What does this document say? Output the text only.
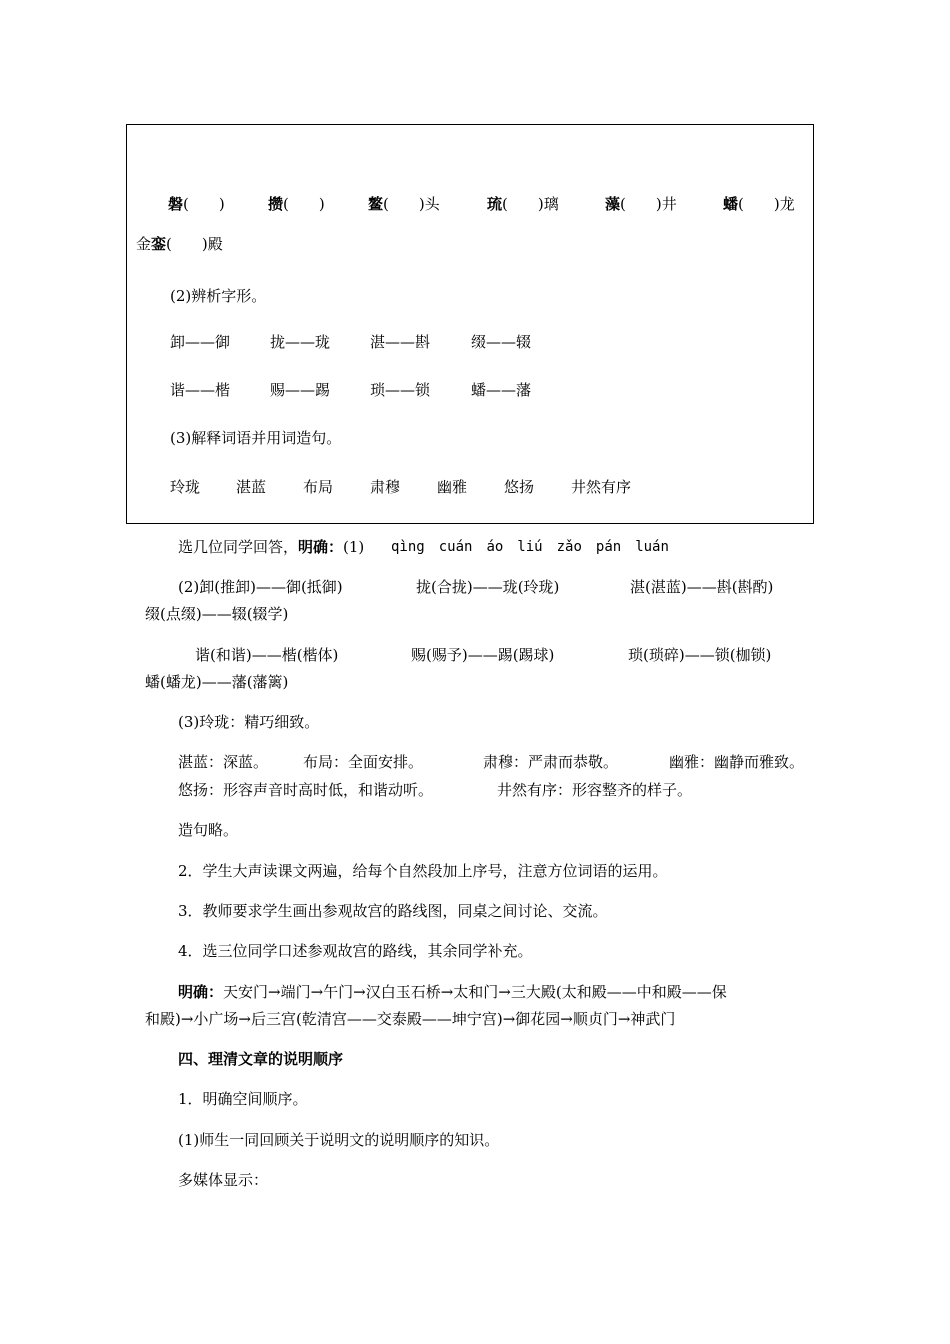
磐(　　)	攒(　　)	鳌(　　)头	琉(　　)璃	藻(　　)井	蟠(　　)龙
金銮(　　)殿
(2)辨析字形。
卸——御	拢——珑	湛——斟	缀——辍
谐——楷	赐——踢	琐——锁	蟠——藩
(3)解释词语并用词造句。
玲珑 湛蓝 布局 肃穆 幽雅 悠扬 井然有序
选几位同学回答，明确：(1) qìng cuán áo liú zǎo pán luán
(2)卸(推卸)——御(抵御)	拢(合拢)——珑(玲珑)	湛(湛蓝)——斟(斟酌)
缀(点缀)——辍(辍学)
谐(和谐)——楷(楷体)	赐(赐予)——踢(踢球)	琐(琐碎)——锁(枷锁)
蟠(蟠龙)——藩(藩篱)
(3)玲珑：精巧细致。
湛蓝：深蓝。 布局：全面安排。	肃穆：严肃而恭敬。	幽雅：幽静而雅致。
悠扬：形容声音时高时低，和谐动听。	井然有序：形容整齐的样子。
造句略。
2．学生大声读课文两遍，给每个自然段加上序号，注意方位词语的运用。
3．教师要求学生画出参观故宫的路线图，同桌之间讨论、交流。
4．选三位同学口述参观故宫的路线，其余同学补充。
明确：天安门→端门→午门→汉白玉石桥→太和门→三大殿(太和殿——中和殿——保
和殿)→小广场→后三宫(乾清宫——交泰殿——坤宁宫)→御花园→顺贞门→神武门
四、理清文章的说明顺序
1．明确空间顺序。
(1)师生一同回顾关于说明文的说明顺序的知识。
多媒体显示：
